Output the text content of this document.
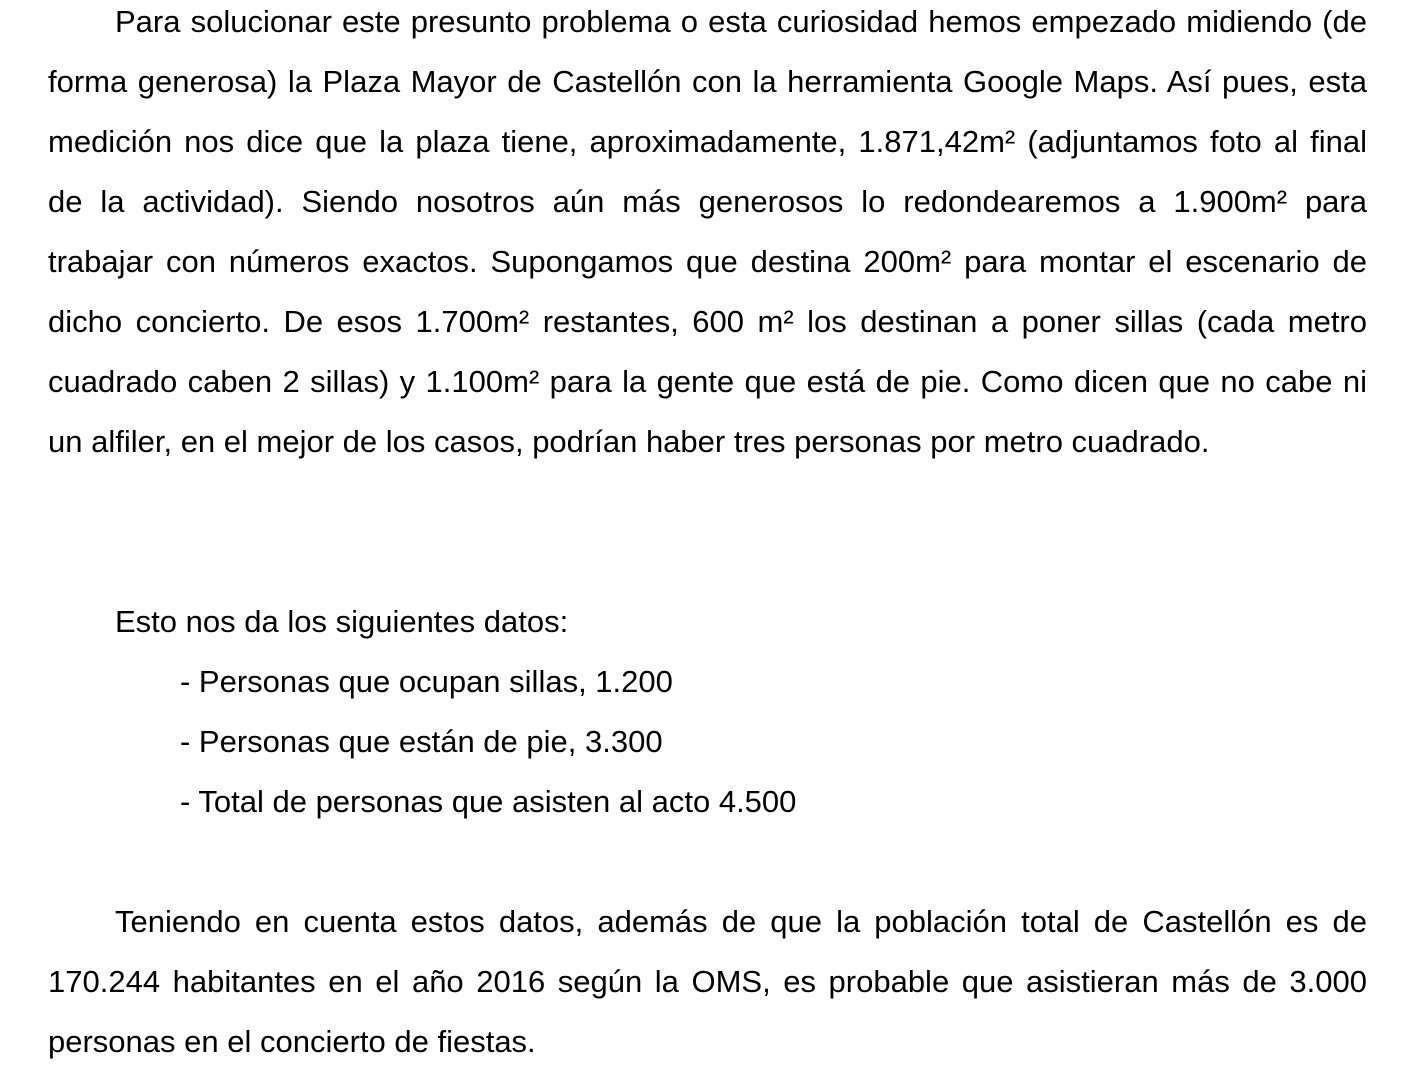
Para solucionar este presunto problema o esta curiosidad hemos empezado midiendo (de forma generosa) la Plaza Mayor de Castellón con la herramienta Google Maps. Así pues, esta medición nos dice que la plaza tiene, aproximadamente, 1.871,42m² (adjuntamos foto al final de la actividad). Siendo nosotros aún más generosos lo redondearemos a 1.900m² para trabajar con números exactos. Supongamos que destina 200m² para montar el escenario de dicho concierto. De esos 1.700m² restantes, 600 m² los destinan a poner sillas (cada metro cuadrado caben 2 sillas) y 1.100m² para la gente que está de pie. Como dicen que no cabe ni un alfiler, en el mejor de los casos, podrían haber tres personas por metro cuadrado.

Esto nos da los siguientes datos:
- Personas que ocupan sillas, 1.200
- Personas que están de pie, 3.300
- Total de personas que asisten al acto 4.500

Teniendo en cuenta estos datos, además de que la población total de Castellón es de 170.244 habitantes en el año 2016 según la OMS, es probable que asistieran más de 3.000 personas en el concierto de fiestas.
